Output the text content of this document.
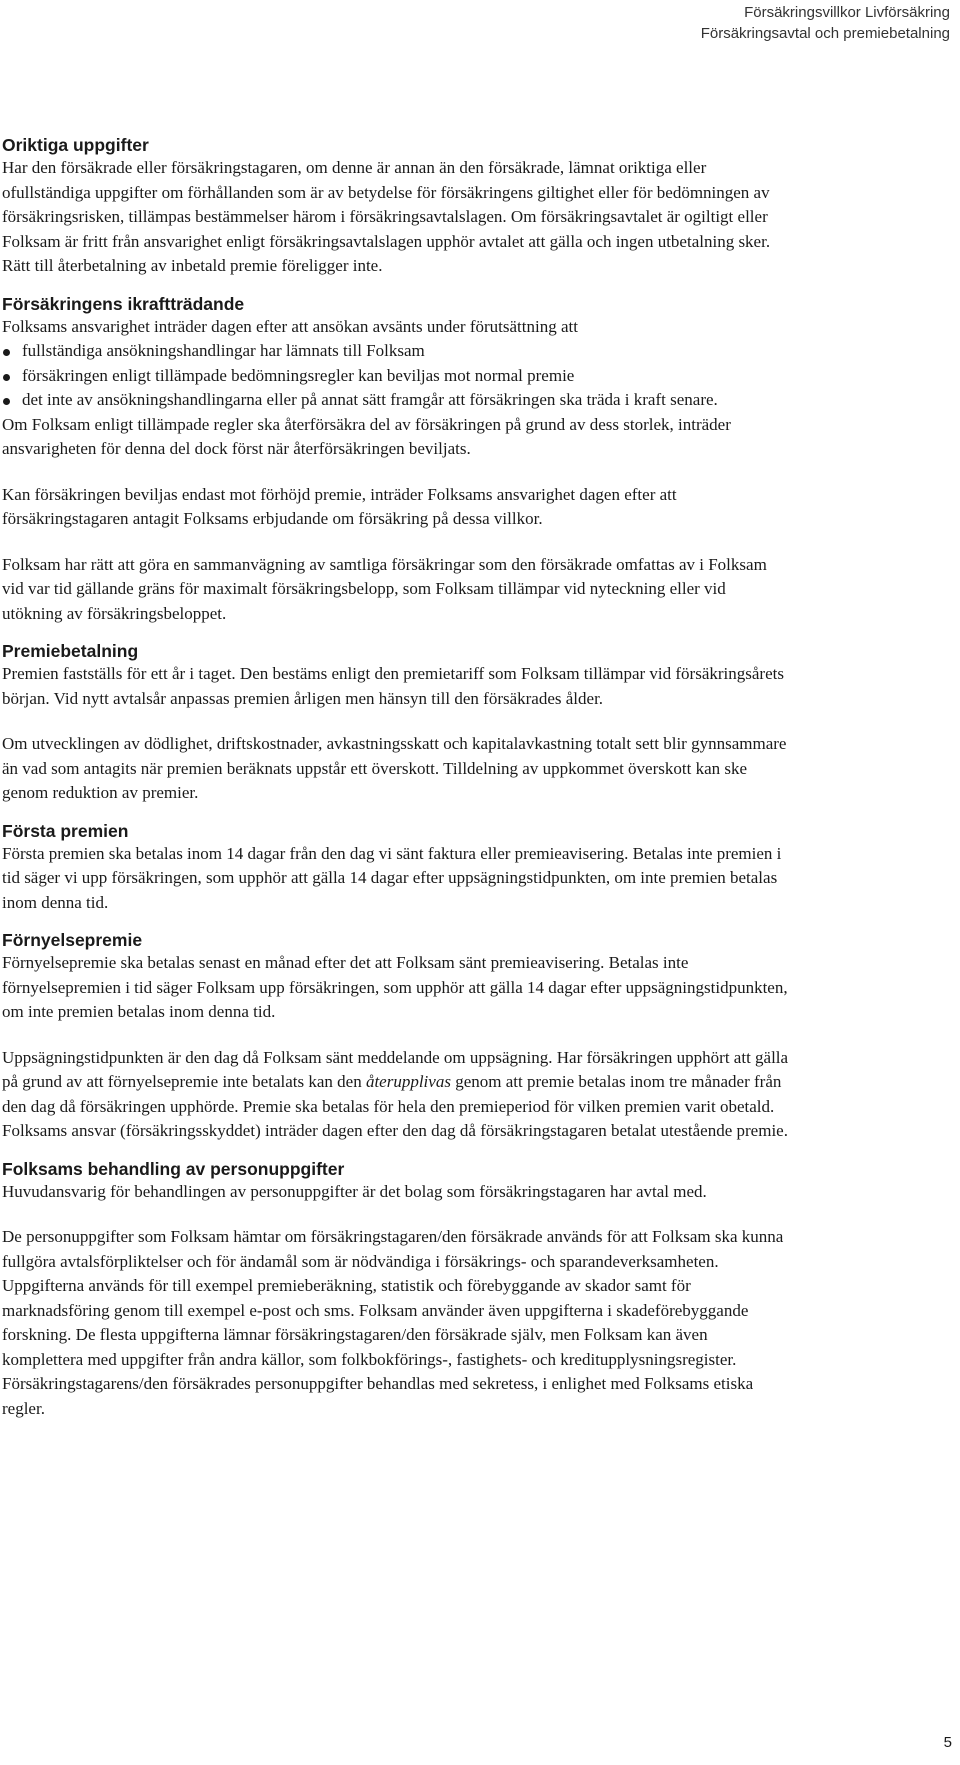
Försäkringsvillkor Livförsäkring
Försäkringsavtal och premiebetalning
Oriktiga uppgifter

Har den försäkrade eller försäkringstagaren, om denne är annan än den försäkrade, lämnat oriktiga eller ofullständiga uppgifter om förhållanden som är av betydelse för försäkringens giltighet eller för bedömningen av försäkringsrisken, tillämpas bestämmelser härom i försäkringsavtalslagen. Om försäkringsavtalet är ogiltigt eller Folksam är fritt från ansvarighet enligt försäkringsavtalslagen upphör avtalet att gälla och ingen utbetalning sker. Rätt till återbetalning av inbetald premie föreligger inte.

Försäkringens ikraftträdande

Folksams ansvarighet inträder dagen efter att ansökan avsänts under förutsättning att

fullständiga ansökningshandlingar har lämnats till Folksam
försäkringen enligt tillämpade bedömningsregler kan beviljas mot normal premie
det inte av ansökningshandlingarna eller på annat sätt framgår att försäkringen ska träda i kraft senare.

Om Folksam enligt tillämpade regler ska återförsäkra del av försäkringen på grund av dess storlek, inträder ansvarigheten för denna del dock först när återförsäkringen beviljats.

Kan försäkringen beviljas endast mot förhöjd premie, inträder Folksams ansvarighet dagen efter att försäkringstagaren antagit Folksams erbjudande om försäkring på dessa villkor.

Folksam har rätt att göra en sammanvägning av samtliga försäkringar som den försäkrade omfattas av i Folksam vid var tid gällande gräns för maximalt försäkringsbelopp, som Folksam tillämpar vid nyteckning eller vid utökning av försäkringsbeloppet.

Premiebetalning

Premien fastställs för ett år i taget. Den bestäms enligt den premietariff som Folksam tillämpar vid försäkringsårets början. Vid nytt avtalsår anpassas premien årligen men hänsyn till den försäkrades ålder.

Om utvecklingen av dödlighet, driftskostnader, avkastningsskatt och kapitalavkastning totalt sett blir gynnsammare än vad som antagits när premien beräknats uppstår ett överskott. Tilldelning av uppkommet överskott kan ske genom reduktion av premier.

Första premien

Första premien ska betalas inom 14 dagar från den dag vi sänt faktura eller premieavisering. Betalas inte premien i tid säger vi upp försäkringen, som upphör att gälla 14 dagar efter uppsägningstidpunkten, om inte premien betalas inom denna tid.

Förnyelsepremie

Förnyelsepremie ska betalas senast en månad efter det att Folksam sänt premieavisering. Betalas inte förnyelsepremien i tid säger Folksam upp försäkringen, som upphör att gälla 14 dagar efter uppsägningstidpunkten, om inte premien betalas inom denna tid.

Uppsägningstidpunkten är den dag då Folksam sänt meddelande om uppsägning. Har försäkringen upphört att gälla på grund av att förnyelsepremie inte betalats kan den återupplivas genom att premie betalas inom tre månader från den dag då försäkringen upphörde. Premie ska betalas för hela den premieperiod för vilken premien varit obetald. Folksams ansvar (försäkringsskyddet) inträder dagen efter den dag då försäkringstagaren betalat utestående premie.

Folksams behandling av personuppgifter

Huvudansvarig för behandlingen av personuppgifter är det bolag som försäkringstagaren har avtal med.

De personuppgifter som Folksam hämtar om försäkringstagaren/den försäkrade används för att Folksam ska kunna fullgöra avtalsförpliktelser och för ändamål som är nödvändiga i försäkrings- och sparandeverksamheten. Uppgifterna används för till exempel premieberäkning, statistik och förebyggande av skador samt för marknadsföring genom till exempel e-post och sms. Folksam använder även uppgifterna i skadeförebyggande forskning. De flesta uppgifterna lämnar försäkringstagaren/den försäkrade själv, men Folksam kan även komplettera med uppgifter från andra källor, som folkbokförings-, fastighets- och kreditupplysningsregister. Försäkringstagarens/den försäkrades personuppgifter behandlas med sekretess, i enlighet med Folksams etiska regler.

5
